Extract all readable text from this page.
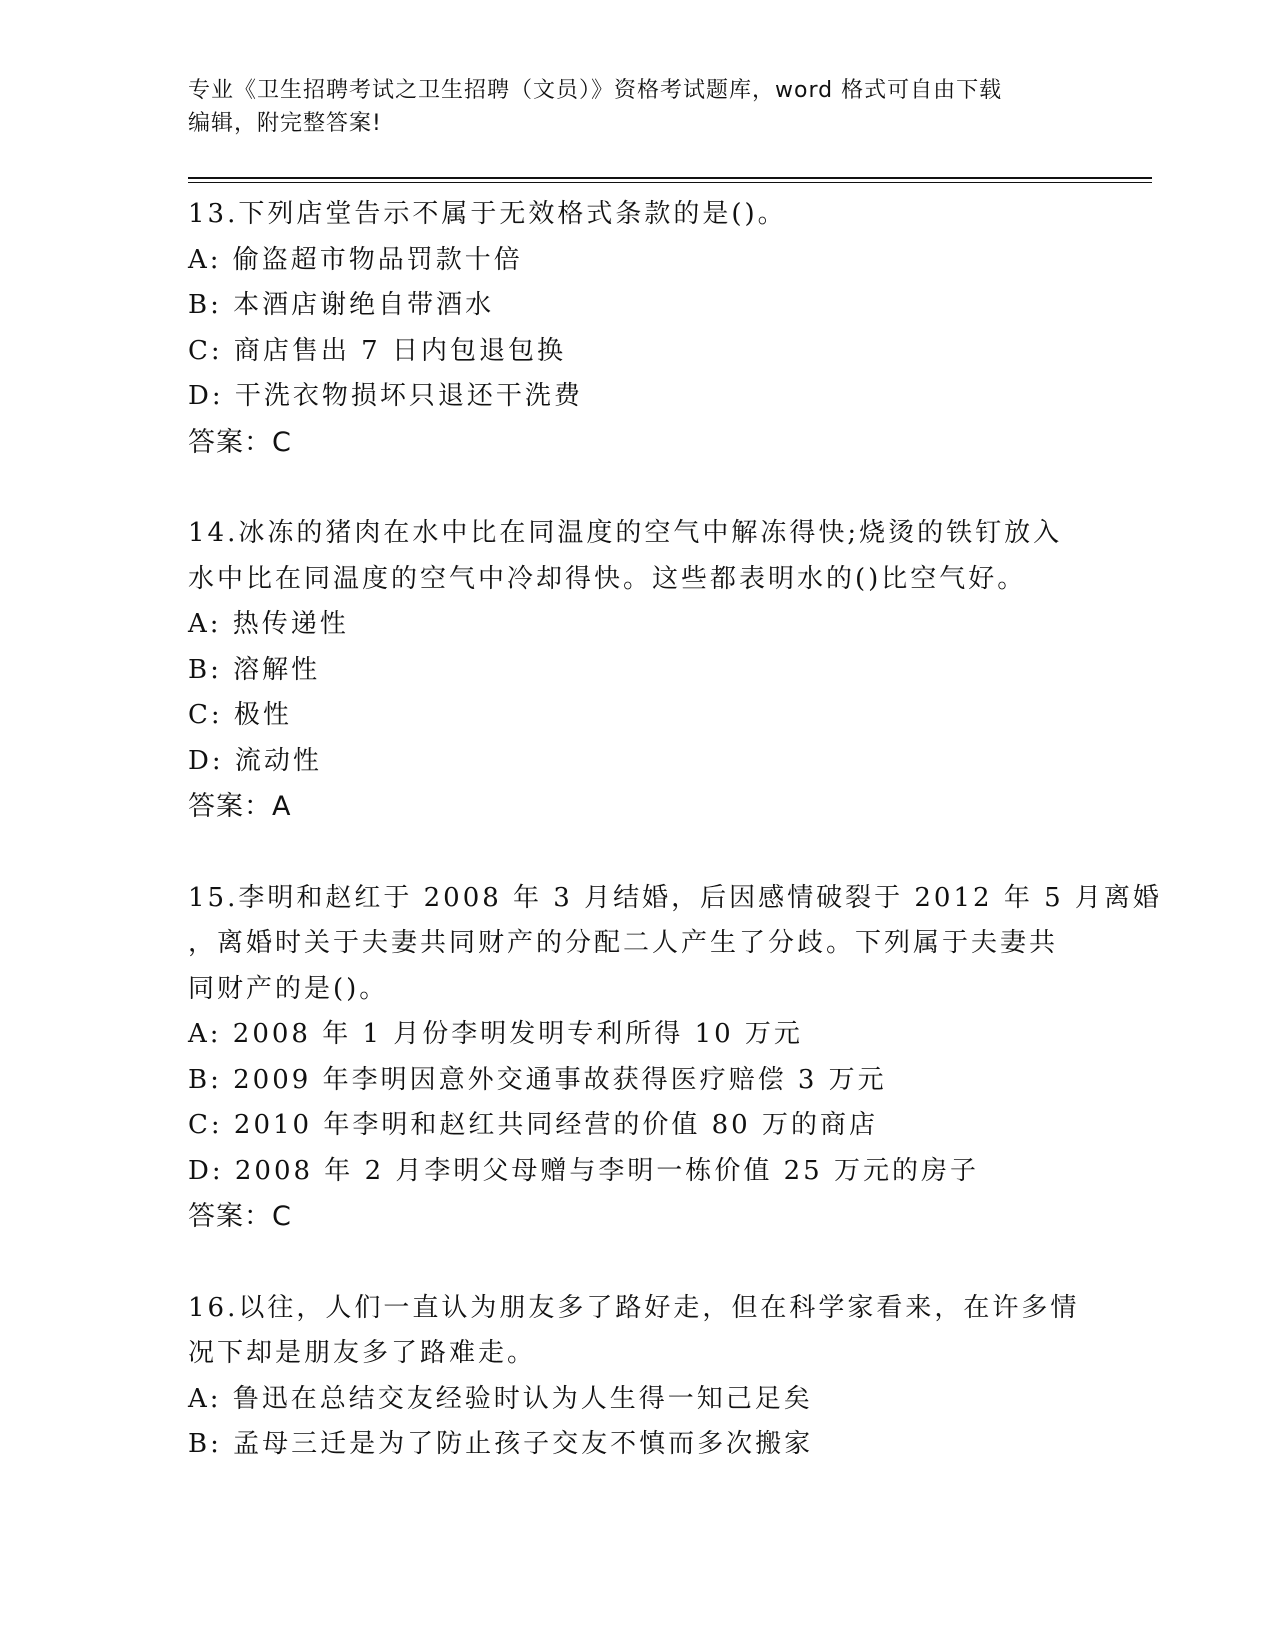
专业《卫生招聘考试之卫生招聘（文员）》资格考试题库，word 格式可自由下载
编辑，附完整答案!
13.下列店堂告示不属于无效格式条款的是()。
A: 偷盗超市物品罚款十倍
B: 本酒店谢绝自带酒水
C: 商店售出 7 日内包退包换
D: 干洗衣物损坏只退还干洗费
答案：C
14.冰冻的猪肉在水中比在同温度的空气中解冻得快;烧烫的铁钉放入
水中比在同温度的空气中冷却得快。这些都表明水的()比空气好。
A: 热传递性
B: 溶解性
C: 极性
D: 流动性
答案：A
15.李明和赵红于 2008 年 3 月结婚，后因感情破裂于 2012 年 5 月离婚
，离婚时关于夫妻共同财产的分配二人产生了分歧。下列属于夫妻共
同财产的是()。
A: 2008 年 1 月份李明发明专利所得 10 万元
B: 2009 年李明因意外交通事故获得医疗赔偿 3 万元
C: 2010 年李明和赵红共同经营的价值 80 万的商店
D: 2008 年 2 月李明父母赠与李明一栋价值 25 万元的房子
答案：C
16.以往，人们一直认为朋友多了路好走，但在科学家看来，在许多情
况下却是朋友多了路难走。
A: 鲁迅在总结交友经验时认为人生得一知己足矣
B: 孟母三迁是为了防止孩子交友不慎而多次搬家
